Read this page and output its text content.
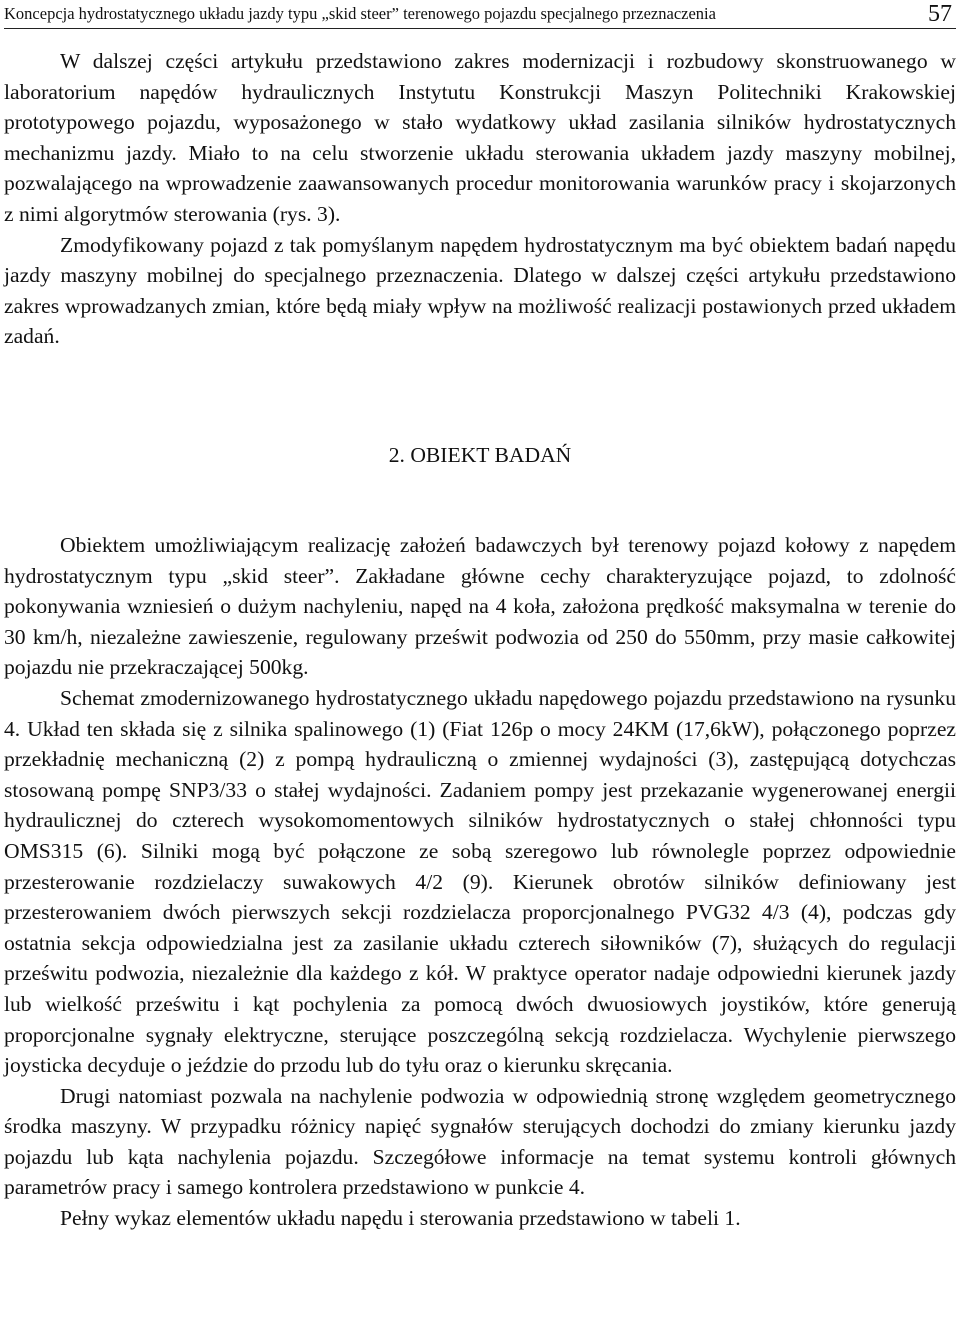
Koncepcja hydrostatycznego układu jazdy typu „skid steer” terenowego pojazdu specjalnego przeznaczenia	57

W dalszej części artykułu przedstawiono zakres modernizacji i rozbudowy skonstruowanego w laboratorium napędów hydraulicznych Instytutu Konstrukcji Maszyn Politechniki Krakowskiej prototypowego pojazdu, wyposażonego w stało wydatkowy układ zasilania silników hydrostatycznych mechanizmu jazdy. Miało to na celu stworzenie układu sterowania układem jazdy maszyny mobilnej, pozwalającego na wprowadzenie zaawansowanych procedur monitorowania warunków pracy i skojarzonych z nimi algorytmów sterowania (rys. 3).

Zmodyfikowany pojazd z tak pomyślanym napędem hydrostatycznym ma być obiektem badań napędu jazdy maszyny mobilnej do specjalnego przeznaczenia. Dlatego w dalszej części artykułu przedstawiono zakres wprowadzanych zmian, które będą miały wpływ na możliwość realizacji postawionych przed układem zadań.

2. OBIEKT BADAŃ

Obiektem umożliwiającym realizację założeń badawczych był terenowy pojazd kołowy z napędem hydrostatycznym typu „skid steer”. Zakładane główne cechy charakteryzujące pojazd, to zdolność pokonywania wzniesień o dużym nachyleniu, napęd na 4 koła, założona prędkość maksymalna w terenie do 30 km/h, niezależne zawieszenie, regulowany prześwit podwozia od 250 do 550mm, przy masie całkowitej pojazdu nie przekraczającej 500kg.

Schemat zmodernizowanego hydrostatycznego układu napędowego pojazdu przedstawiono na rysunku 4. Układ ten składa się z silnika spalinowego (1) (Fiat 126p o mocy 24KM (17,6kW), połączonego poprzez przekładnię mechaniczną (2) z pompą hydrauliczną o zmiennej wydajności (3), zastępującą dotychczas stosowaną pompę SNP3/33 o stałej wydajności. Zadaniem pompy jest przekazanie wygenerowanej energii hydraulicznej do czterech wysokomomentowych silników hydrostatycznych o stałej chłonności typu OMS315 (6). Silniki mogą być połączone ze sobą szeregowo lub równolegle poprzez odpowiednie przesterowanie rozdzielaczy suwakowych 4/2 (9). Kierunek obrotów silników definiowany jest przesterowaniem dwóch pierwszych sekcji rozdzielacza proporcjonalnego PVG32 4/3 (4), podczas gdy ostatnia sekcja odpowiedzialna jest za zasilanie układu czterech siłowników (7), służących do regulacji prześwitu podwozia, niezależnie dla każdego z kół. W praktyce operator nadaje odpowiedni kierunek jazdy lub wielkość prześwitu i kąt pochylenia za pomocą dwóch dwuosiowych joystików, które generują proporcjonalne sygnały elektryczne, sterujące poszczególną sekcją rozdzielacza. Wychylenie pierwszego joysticka decyduje o jeździe do przodu lub do tyłu oraz o kierunku skręcania.

Drugi natomiast pozwala na nachylenie podwozia w odpowiednią stronę względem geometrycznego środka maszyny. W przypadku różnicy napięć sygnałów sterujących dochodzi do zmiany kierunku jazdy pojazdu lub kąta nachylenia pojazdu. Szczegółowe informacje na temat systemu kontroli głównych parametrów pracy i samego kontrolera przedstawiono w punkcie 4.

Pełny wykaz elementów układu napędu i sterowania przedstawiono w tabeli 1.
